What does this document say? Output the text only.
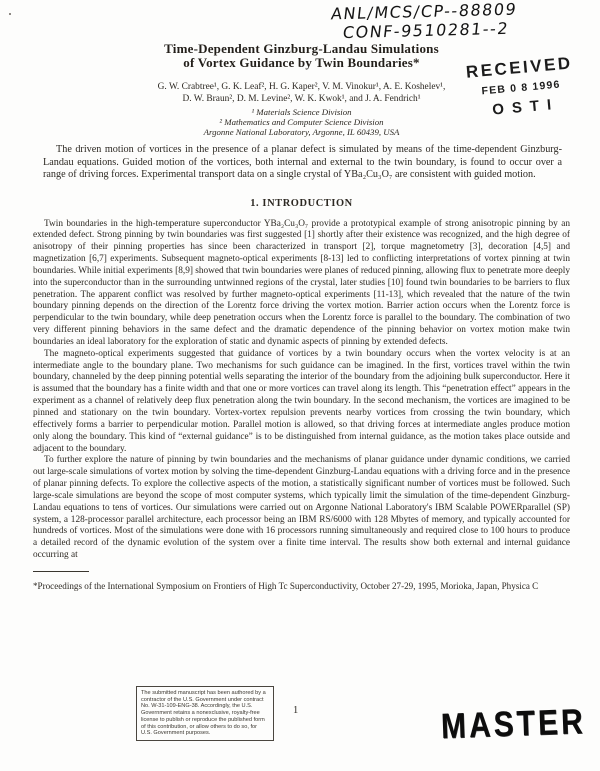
ANL/MCS/CP--88809
CONF-9510281--2
RECEIVED
FEB 0 8 1996
OSTI
Time-Dependent Ginzburg-Landau Simulations
of Vortex Guidance by Twin Boundaries*
G. W. Crabtree¹, G. K. Leaf², H. G. Kaper², V. M. Vinokur¹, A. E. Koshelev¹,
D. W. Braun², D. M. Levine², W. K. Kwok¹, and J. A. Fendrich¹
¹ Materials Science Division
² Mathematics and Computer Science Division
Argonne National Laboratory, Argonne, IL 60439, USA

The driven motion of vortices in the presence of a planar defect is simulated by means of the time-dependent Ginzburg-Landau equations. Guided motion of the vortices, both internal and external to the twin boundary, is found to occur over a range of driving forces. Experimental transport data on a single crystal of YBa₂Cu₃O₇ are consistent with guided motion.

1. INTRODUCTION

Twin boundaries in the high-temperature superconductor YBa₂Cu₃O₇ provide a prototypical example of strong anisotropic pinning by an extended defect. Strong pinning by twin boundaries was first suggested [1] shortly after their existence was recognized, and the high degree of anisotropy of their pinning properties has since been characterized in transport [2], torque magnetometry [3], decoration [4,5] and magnetization [6,7] experiments. Subsequent magneto-optical experiments [8-13] led to conflicting interpretations of vortex pinning at twin boundaries. While initial experiments [8,9] showed that twin boundaries were planes of reduced pinning, allowing flux to penetrate more deeply into the superconductor than in the surrounding untwinned regions of the crystal, later studies [10] found twin boundaries to be barriers to flux penetration. The apparent conflict was resolved by further magneto-optical experiments [11-13], which revealed that the nature of the twin boundary pinning depends on the direction of the Lorentz force driving the vortex motion. Barrier action occurs when the Lorentz force is perpendicular to the twin boundary, while deep penetration occurs when the Lorentz force is parallel to the boundary. The combination of two very different pinning behaviors in the same defect and the dramatic dependence of the pinning behavior on vortex motion make twin boundaries an ideal laboratory for the exploration of static and dynamic aspects of pinning by extended defects.

The magneto-optical experiments suggested that guidance of vortices by a twin boundary occurs when the vortex velocity is at an intermediate angle to the boundary plane. Two mechanisms for such guidance can be imagined. In the first, vortices travel within the twin boundary, channeled by the deep pinning potential wells separating the interior of the boundary from the adjoining bulk superconductor. Here it is assumed that the boundary has a finite width and that one or more vortices can travel along its length. This “penetration effect” appears in the experiment as a channel of relatively deep flux penetration along the twin boundary. In the second mechanism, the vortices are imagined to be pinned and stationary on the twin boundary. Vortex-vortex repulsion prevents nearby vortices from crossing the twin boundary, which effectively forms a barrier to perpendicular motion. Parallel motion is allowed, so that driving forces at intermediate angles produce motion only along the boundary. This kind of “external guidance” is to be distinguished from internal guidance, as the motion takes place outside and adjacent to the boundary.

To further explore the nature of pinning by twin boundaries and the mechanisms of planar guidance under dynamic conditions, we carried out large-scale simulations of vortex motion by solving the time-dependent Ginzburg-Landau equations with a driving force and in the presence of planar pinning defects. To explore the collective aspects of the motion, a statistically significant number of vortices must be followed. Such large-scale simulations are beyond the scope of most computer systems, which typically limit the simulation of the time-dependent Ginzburg-Landau equations to tens of vortices. Our simulations were carried out on Argonne National Laboratory's IBM Scalable POWERparallel (SP) system, a 128-processor parallel architecture, each processor being an IBM RS/6000 with 128 Mbytes of memory, and typically accounted for hundreds of vortices. Most of the simulations were done with 16 processors running simultaneously and required close to 100 hours to produce a detailed record of the dynamic evolution of the system over a finite time interval. The results show both external and internal guidance occurring at

*Proceedings of the International Symposium on Frontiers of High Tc Superconductivity, October 27-29, 1995, Morioka, Japan, Physica C

The submitted manuscript has been authored by a contractor of the U.S. Government under contract No. W-31-109-ENG-38. Accordingly, the U.S. Government retains a nonexclusive, royalty-free license to publish or reproduce the published form of this contribution, or allow others to do so, for U.S. Government purposes.
1	MASTER
